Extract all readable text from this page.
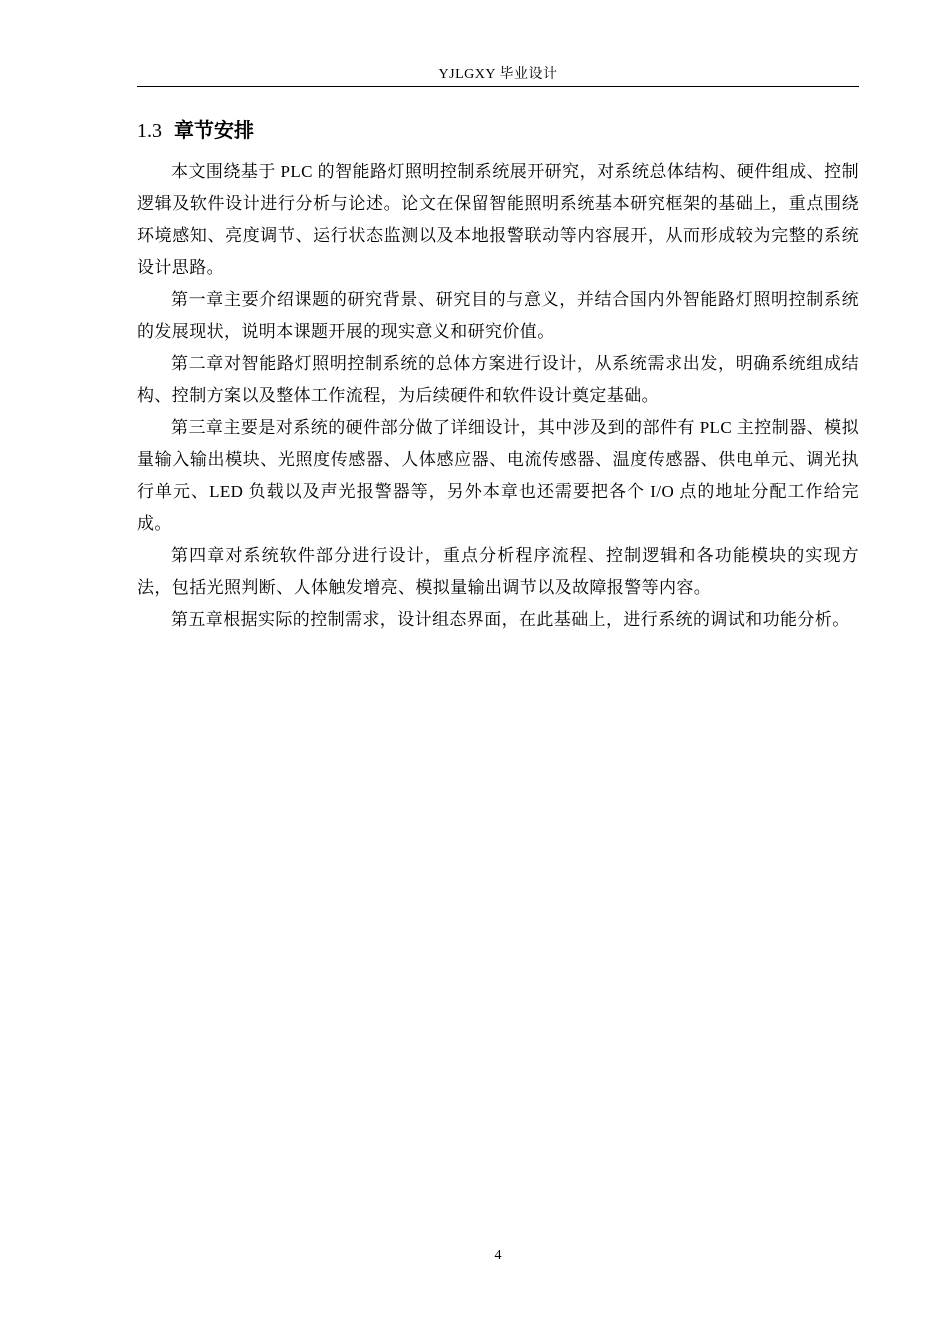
YJLGXY 毕业设计
1.3 章节安排

本文围绕基于 PLC 的智能路灯照明控制系统展开研究，对系统总体结构、硬件组成、控制逻辑及软件设计进行分析与论述。论文在保留智能照明系统基本研究框架的基础上，重点围绕环境感知、亮度调节、运行状态监测以及本地报警联动等内容展开，从而形成较为完整的系统设计思路。

第一章主要介绍课题的研究背景、研究目的与意义，并结合国内外智能路灯照明控制系统的发展现状，说明本课题开展的现实意义和研究价值。

第二章对智能路灯照明控制系统的总体方案进行设计，从系统需求出发，明确系统组成结构、控制方案以及整体工作流程，为后续硬件和软件设计奠定基础。

第三章主要是对系统的硬件部分做了详细设计，其中涉及到的部件有 PLC 主控制器、模拟量输入输出模块、光照度传感器、人体感应器、电流传感器、温度传感器、供电单元、调光执行单元、LED 负载以及声光报警器等，另外本章也还需要把各个 I/O 点的地址分配工作给完成。

第四章对系统软件部分进行设计，重点分析程序流程、控制逻辑和各功能模块的实现方法，包括光照判断、人体触发增亮、模拟量输出调节以及故障报警等内容。

第五章根据实际的控制需求，设计组态界面，在此基础上，进行系统的调试和功能分析。

4
